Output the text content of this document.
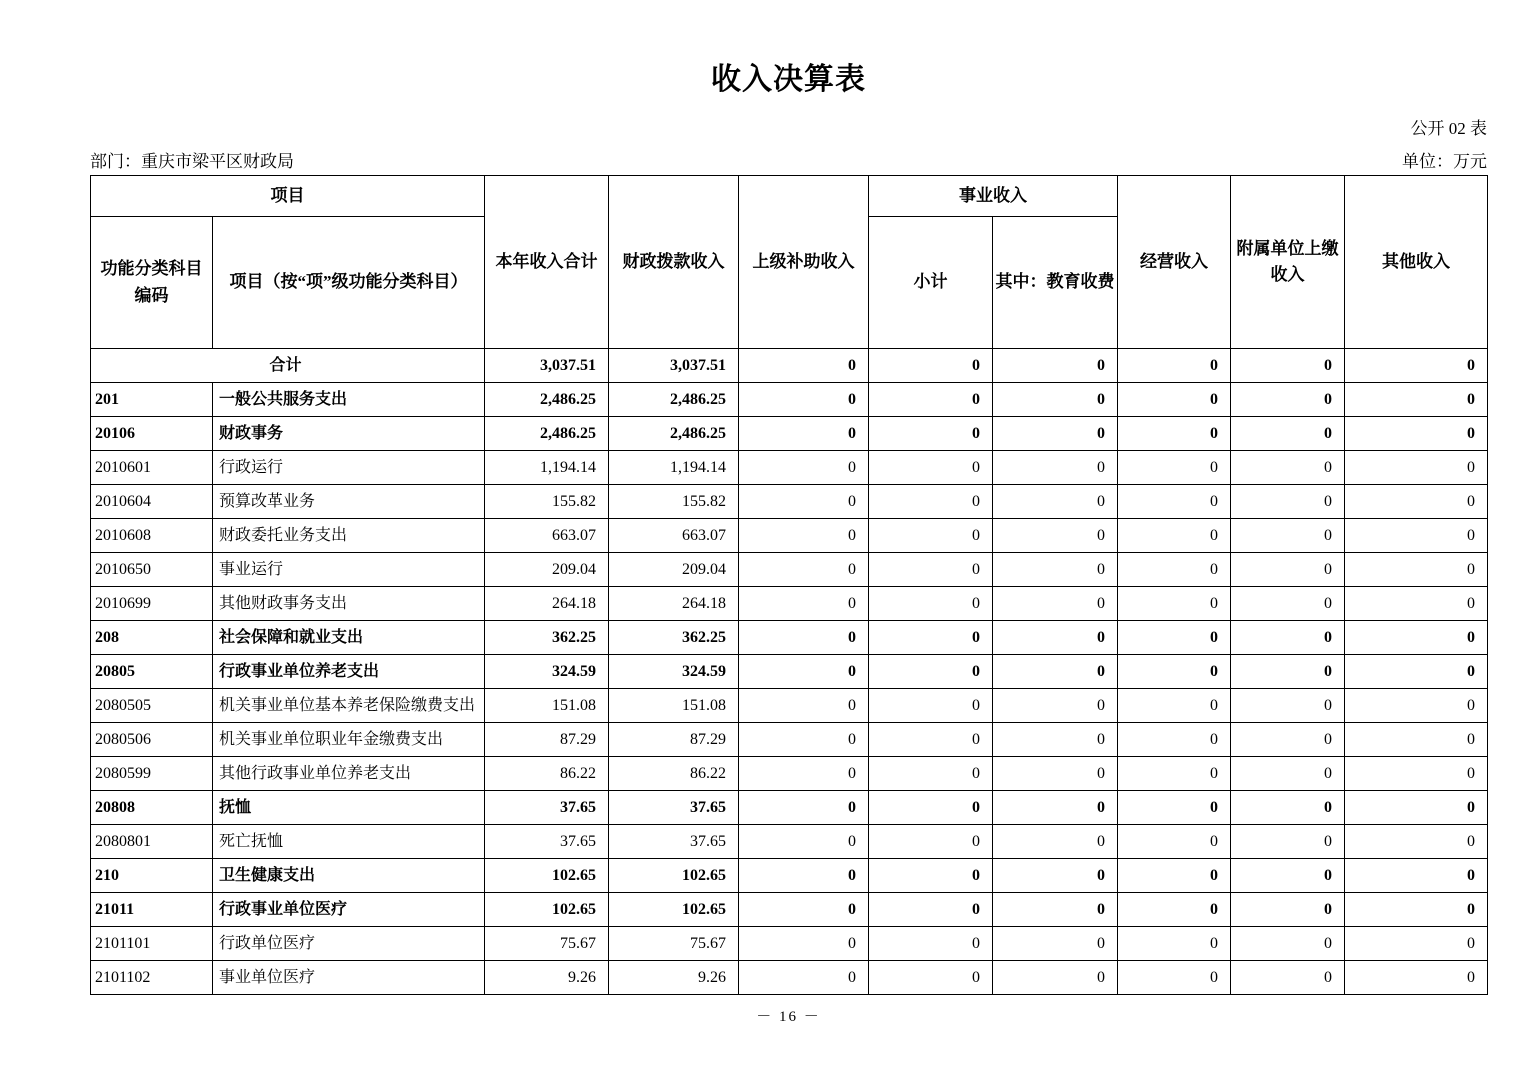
收入决算表
公开 02 表
部门：重庆市梁平区财政局	单位：万元
项目		本年收入合计	财政拨款收入	上级补助收入	事业收入		经营收入	附属单位上缴收入	其他收入
功能分类科目编码	项目（按“项”级功能分类科目）				小计	其中：教育收费			
合计		3,037.51	3,037.51	0	0	0	0	0	0
201	一般公共服务支出	2,486.25	2,486.25	0	0	0	0	0	0
20106	财政事务	2,486.25	2,486.25	0	0	0	0	0	0
2010601	行政运行	1,194.14	1,194.14	0	0	0	0	0	0
2010604	预算改革业务	155.82	155.82	0	0	0	0	0	0
2010608	财政委托业务支出	663.07	663.07	0	0	0	0	0	0
2010650	事业运行	209.04	209.04	0	0	0	0	0	0
2010699	其他财政事务支出	264.18	264.18	0	0	0	0	0	0
208	社会保障和就业支出	362.25	362.25	0	0	0	0	0	0
20805	行政事业单位养老支出	324.59	324.59	0	0	0	0	0	0
2080505	机关事业单位基本养老保险缴费支出	151.08	151.08	0	0	0	0	0	0
2080506	机关事业单位职业年金缴费支出	87.29	87.29	0	0	0	0	0	0
2080599	其他行政事业单位养老支出	86.22	86.22	0	0	0	0	0	0
20808	抚恤	37.65	37.65	0	0	0	0	0	0
2080801	死亡抚恤	37.65	37.65	0	0	0	0	0	0
210	卫生健康支出	102.65	102.65	0	0	0	0	0	0
21011	行政事业单位医疗	102.65	102.65	0	0	0	0	0	0
2101101	行政单位医疗	75.67	75.67	0	0	0	0	0	0
2101102	事业单位医疗	9.26	9.26	0	0	0	0	0	0
－ 16 －
